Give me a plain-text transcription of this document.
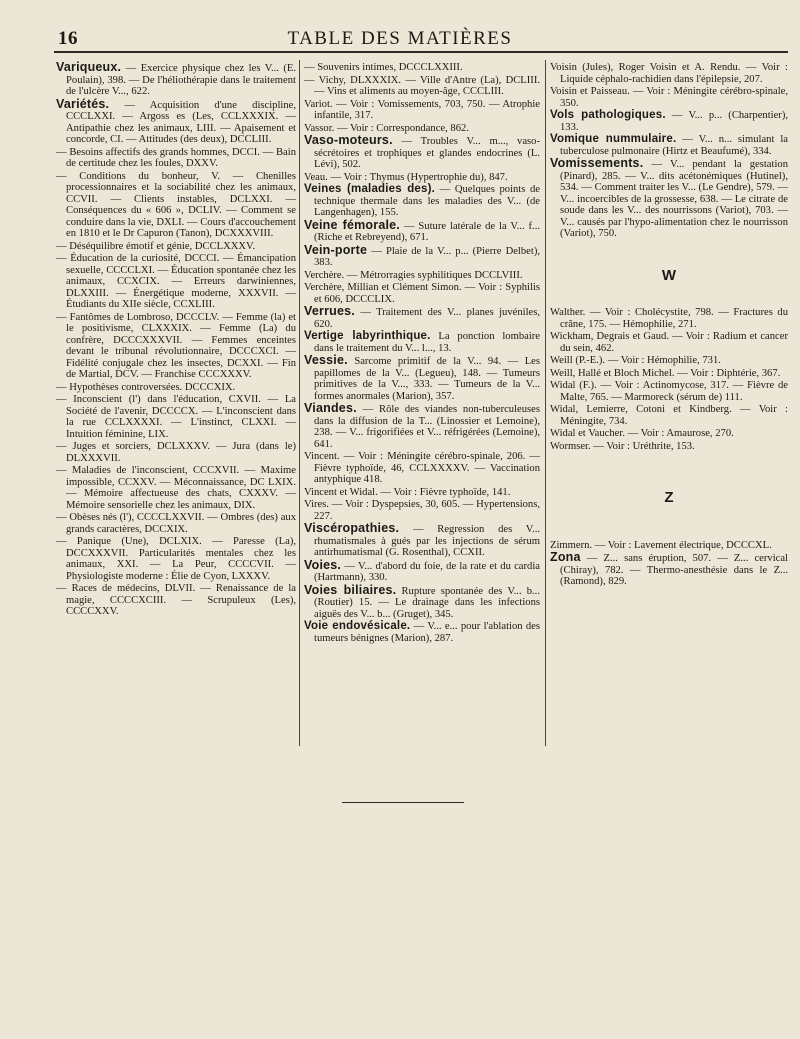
16	TABLE DES MATIÈRES

Variqueux. — Exercice physique chez les V... (E. Poulain), 398. — De l'héliothérapie dans le traitement de l'ulcère V..., 622.

Variétés. — Acquisition d'une discipline, CCCLXXI. — Argoss es (Les, CCLXXXIX. — Antipathie chez les animaux, LIII. — Apaisement et concorde, CI. — Attitudes (des deux), DCCLIII.

— Besoins affectifs des grands hommes, DCCI. — Bain de certitude chez les foules, DXXV.

— Conditions du bonheur, V. — Chenilles processionnaires et la sociabilité chez les animaux, CCVII. — Clients instables, DCLXXI. — Conséquences du « 606 », DCLIV. — Comment se conduire dans la vie, DXLI. — Cours d'accouchement en 1810 et le Dr Capuron (Tanon), DCXXXVIII.

— Déséquilibre émotif et génie, DCCLXXXV.

— Éducation de la curiosité, DCCCI. — Émancipation sexuelle, CCCCLXI. — Éducation spontanée chez les animaux, CCXCIX. — Erreurs darwiniennes, DLXXIII. — Énergétique moderne, XXXVII. — Étudiants du XIIe siècle, CCXLIII.

— Fantômes de Lombroso, DCCCLV. — Femme (la) et le positivisme, CLXXXIX. — Femme (La) du confrère, DCCCXXXVII. — Femmes enceintes devant le tribunal révolutionnaire, DCCCXCI. — Fidélité conjugale chez les insectes, DCXXI. — Fin de Martial, DCV. — Franchise CCCXXXV.

— Hypothèses controversées. DCCCXIX.

— Inconscient (l') dans l'éducation, CXVII. — La Société de l'avenir, DCCCCX. — L'inconscient dans la rue CCLXXXXI. — L'instinct, CLXXI. — Intuition féminine, LIX.

— Juges et sorciers, DCLXXXV. — Jura (dans le) DLXXXVII.

— Maladies de l'inconscient, CCCXVII. — Maxime impossible, CCXXV. — Méconnaissance, DC LXIX. — Mémoire affectueuse des chats, CXXXV. — Mémoire sensorielle chez les animaux, DIX.

— Obèses nés (l'), CCCCLXXVII. — Ombres (des) aux grands caractères, DCCXIX.

— Panique (Une), DCLXIX. — Paresse (La), DCCXXXVII. Particularités mentales chez les animaux, XXI. — La Peur, CCCCVII. — Physiologiste moderne : Élie de Cyon, LXXXV.

— Races de médecins, DLVII. — Renaissance de la magie, CCCCXCIII. — Scrupuleux (Les), CCCCXXV.

— Souvenirs intimes, DCCCLXXIII.

— Vichy, DLXXXIX. — Ville d'Antre (La), DCLIII. — Vins et aliments au moyen-âge, CCCLIII.

Variot. — Voir : Vomissements, 703, 750. — Atrophie infantile, 317.

Vassor. — Voir : Correspondance, 862.

Vaso-moteurs. — Troubles V... m..., vaso-sécrétoires et trophiques et glandes endocrines (L. Lévi), 502.

Veau. — Voir : Thymus (Hypertrophie du), 847.

Veines (maladies des). — Quelques points de technique thermale dans les maladies des V... (de Langenhagen), 155.

Veine fémorale. — Suture latérale de la V... f... (Riche et Rebreyend), 671.

Vein-porte — Plaie de la V... p... (Pierre Delbet), 383.

Verchère. — Métrorragies syphilitiques DCCLVIII.

Verchère, Millian et Clément Simon. — Voir : Syphilis et 606, DCCCLIX.

Verrues. — Traitement des V... planes juvéniles, 620.

Vertige labyrinthique. La ponction lombaire dans le traitement du V... l..., 13.

Vessie. Sarcome primitif de la V... 94. — Les papillomes de la V... (Legueu), 148. — Tumeurs primitives de la V..., 333. — Tumeurs de la V... formes anormales (Marion), 357.

Viandes. — Rôle des viandes non-tuberculeuses dans la diffusion de la T... (Linossier et Lemoine), 238. — V... frigorifiées et V... réfrigérées (Lemoine), 641.

Vincent. — Voir : Méningite cérébro-spinale, 206. — Fièvre typhoïde, 46, CCLXXXXV. — Vaccination antyphique 418.

Vincent et Widal. — Voir : Fièvre typhoïde, 141.

Vires. — Voir : Dyspepsies, 30, 605. — Hypertensions, 227.

Viscéropathies. — Regression des V... rhumatismales à gués par les injections de sérum antirhumatismal (G. Rosenthal), CCXII.

Voies. — V... d'abord du foie, de la rate et du cardia (Hartmann), 330.

Voies biliaires. Rupture spontanée des V... b... (Routier) 15. — Le drainage dans les infections aiguës des V... b... (Gruget), 345.

Voie endovésicale. — V... e... pour l'ablation des tumeurs bénignes (Marion), 287.

Voisin (Jules), Roger Voisin et A. Rendu. — Voir : Liquide céphalo-rachidien dans l'épilepsie, 207.

Voisin et Paisseau. — Voir : Méningite cérébro-spinale, 350.

Vols pathologiques. — V... p... (Charpentier), 133.

Vomique nummulaire. — V... n... simulant la tuberculose pulmonaire (Hirtz et Beaufumé), 334.

Vomissements. — V... pendant la gestation (Pinard), 285. — V... dits acétonémiques (Hutinel), 534. — Comment traiter les V... (Le Gendre), 579. — V... incoercibles de la grossesse, 638. — Le citrate de soude dans les V... des nourrissons (Variot), 703. — V... causés par l'hypo-alimentation chez le nourrisson (Variot), 750.

W

Walther. — Voir : Cholécystite, 798. — Fractures du crâne, 175. — Hémophilie, 271.

Wickham, Degrais et Gaud. — Voir : Radium et cancer du sein, 462.

Weill (P.-E.). — Voir : Hémophilie, 731.

Weill, Hallé et Bloch Michel. — Voir : Diphtérie, 367.

Widal (F.). — Voir : Actinomycose, 317. — Fièvre de Malte, 765. — Marmoreck (sérum de) 111.

Widal, Lemierre, Cotoni et Kindberg. — Voir : Méningite, 734.

Widal et Vaucher. — Voir : Amaurose, 270.

Wormser. — Voir : Uréthrite, 153.

Z

Zimmern. — Voir : Lavement électrique, DCCCXL.

Zona — Z... sans éruption, 507. — Z... cervical (Chiray), 782. — Thermo-anesthésie dans le Z... (Ramond), 829.
